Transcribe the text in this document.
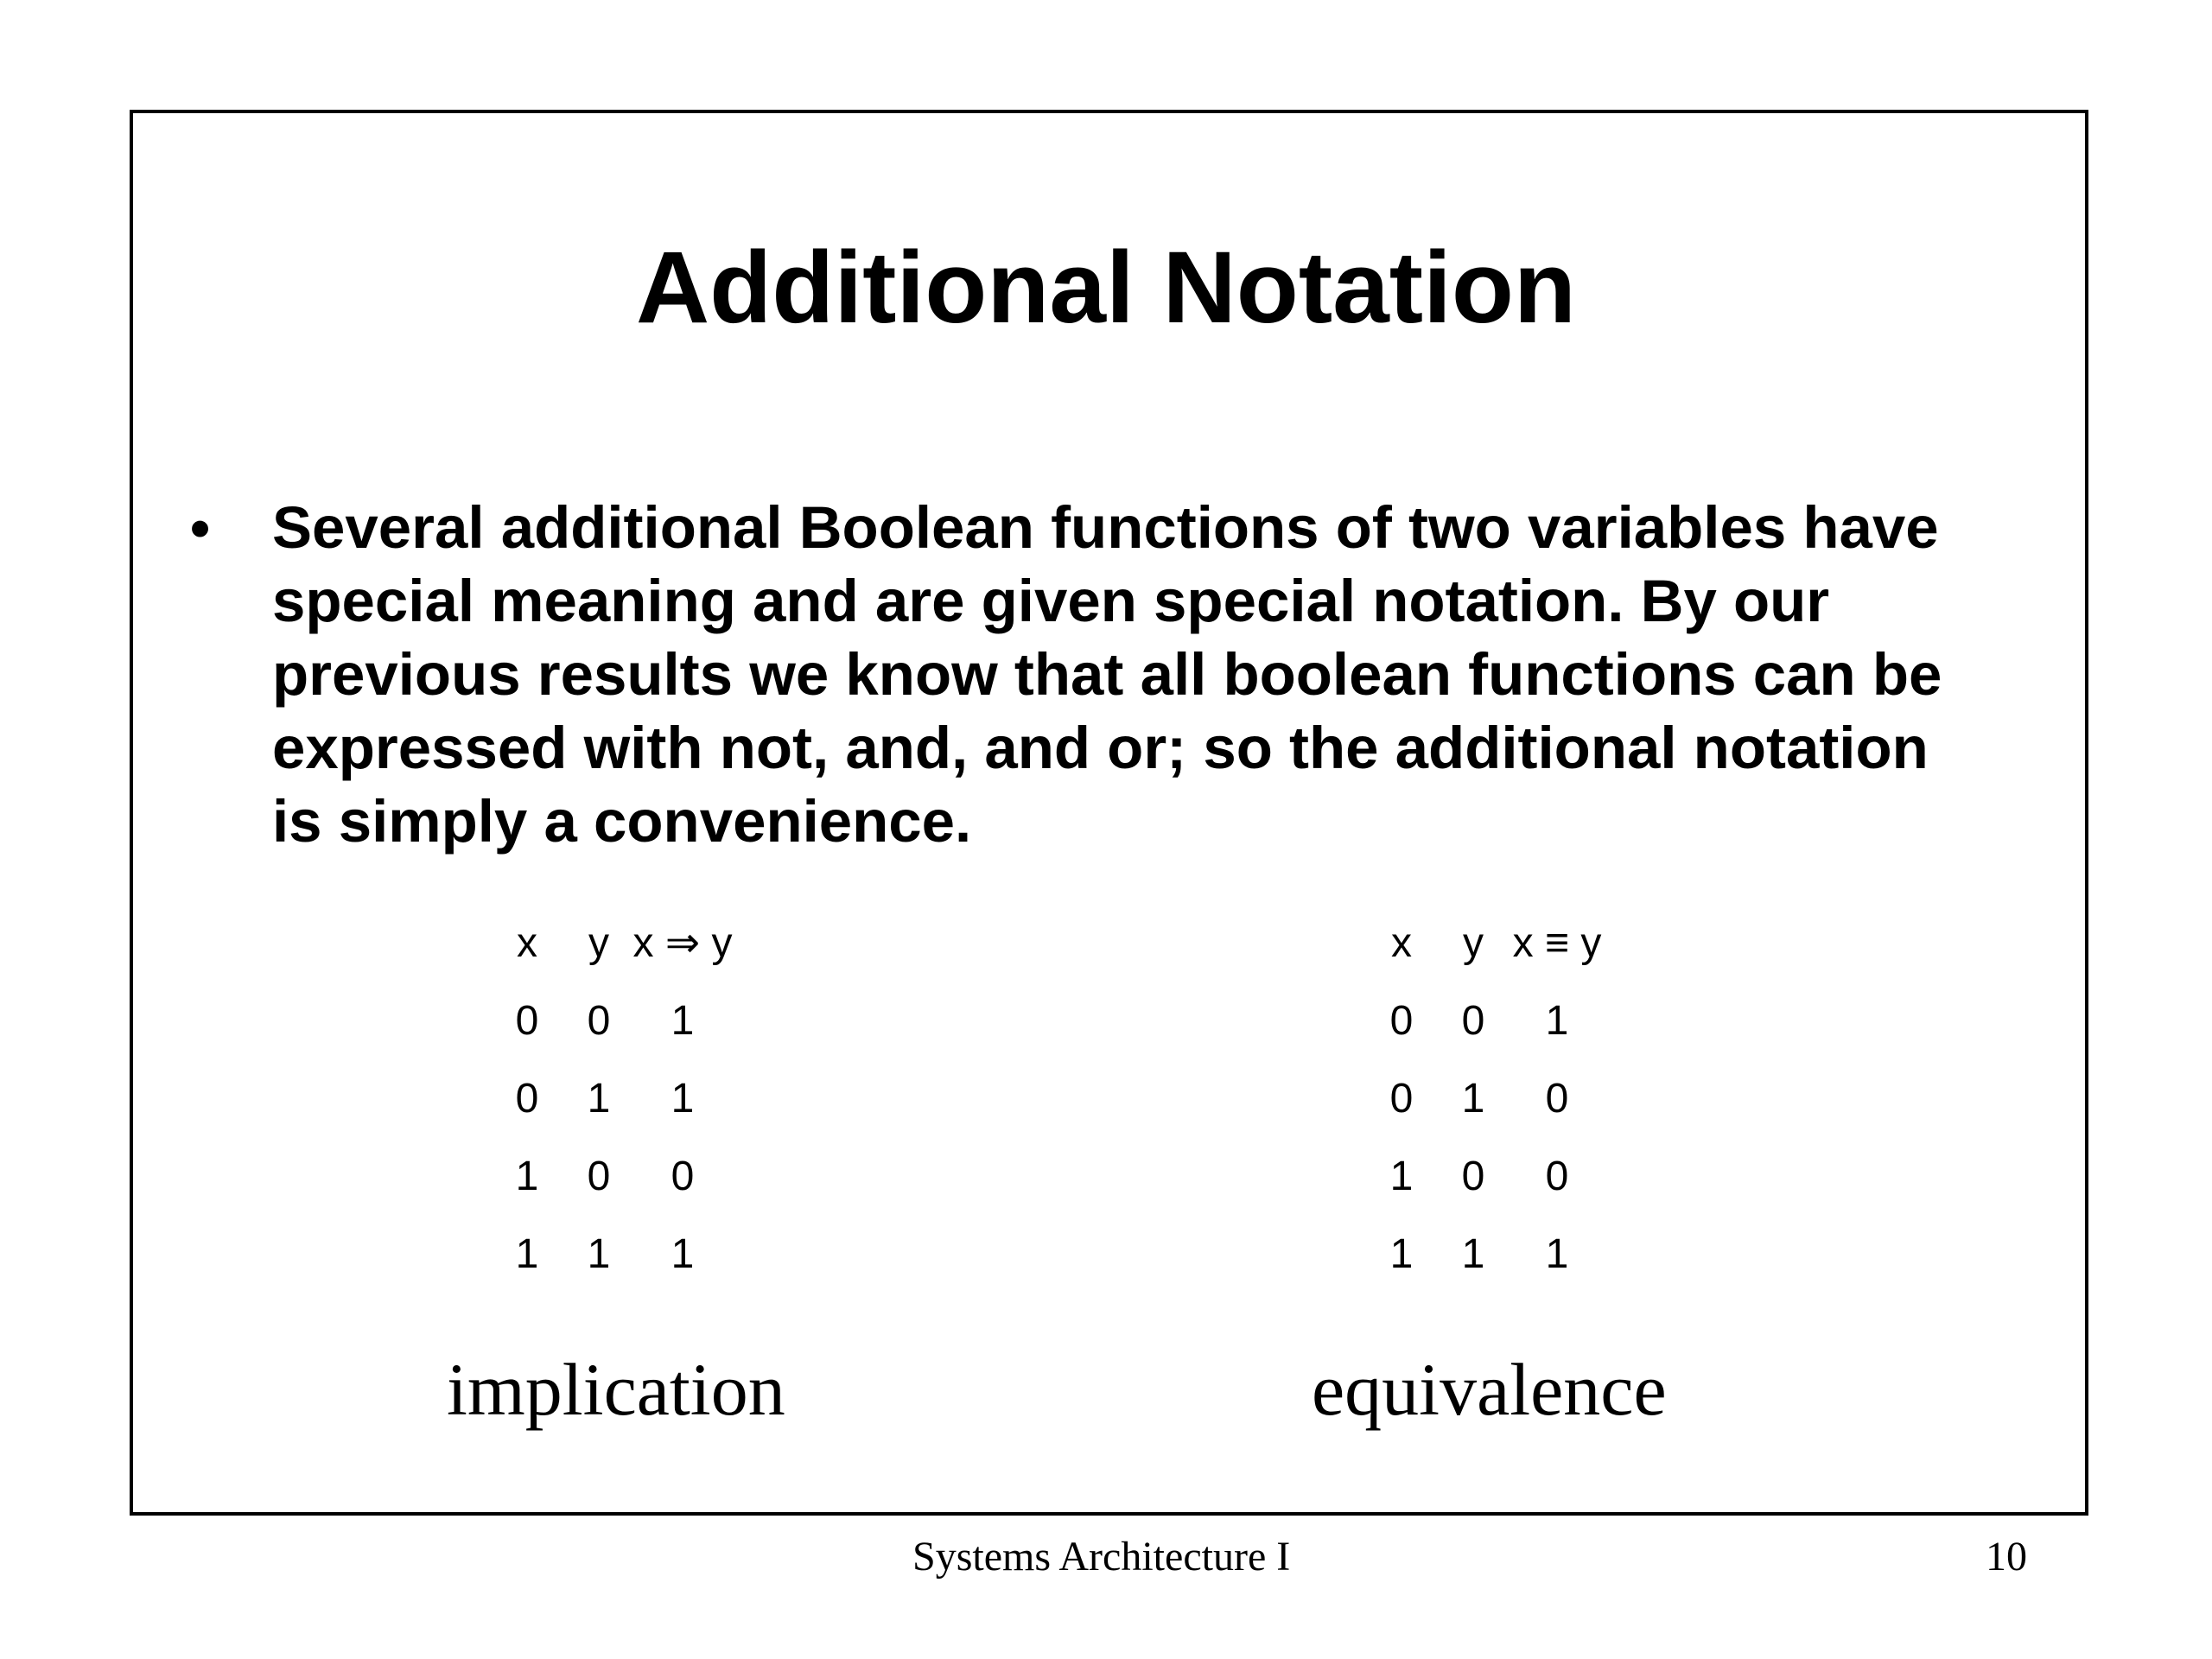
Additional Notation
• Several additional Boolean functions of two variables have
special meaning and are given special notation. By our
previous results we know that all boolean functions can be
expressed with not, and, and or; so the additional notation
is simply a convenience.

x y x ⇒ y
0 0 1
0 1 1
1 0 0
1 1 1
x y x ≡ y
0 0 1
0 1 0
1 0 0
1 1 1
implication	equivalence
Systems Architecture I	10
